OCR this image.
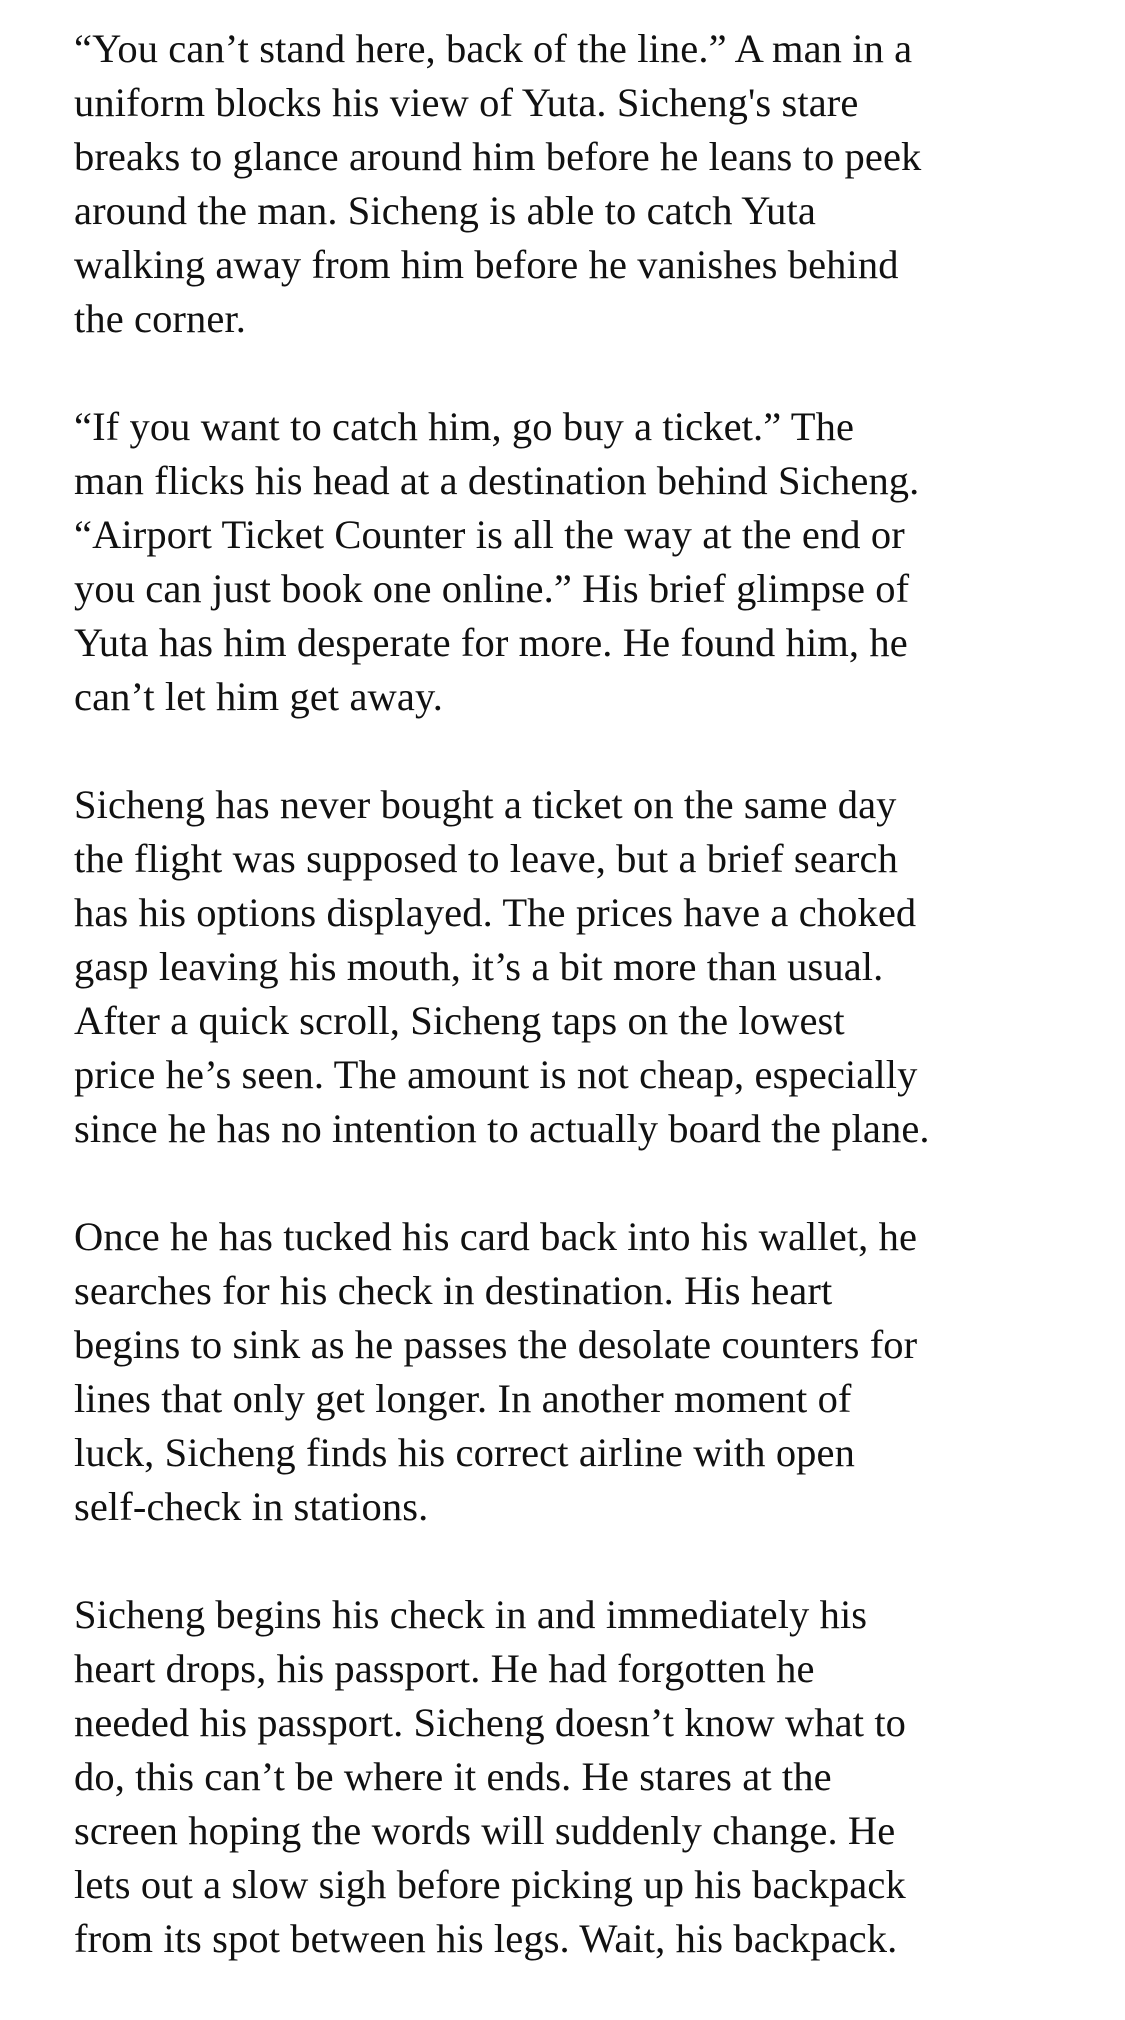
“You can’t stand here, back of the line.” A man in a
uniform blocks his view of Yuta. Sicheng's stare
breaks to glance around him before he leans to peek
around the man. Sicheng is able to catch Yuta
walking away from him before he vanishes behind
the corner.

“If you want to catch him, go buy a ticket.” The
man flicks his head at a destination behind Sicheng.
“Airport Ticket Counter is all the way at the end or
you can just book one online.” His brief glimpse of
Yuta has him desperate for more. He found him, he
can’t let him get away.

Sicheng has never bought a ticket on the same day
the flight was supposed to leave, but a brief search
has his options displayed. The prices have a choked
gasp leaving his mouth, it’s a bit more than usual.
After a quick scroll, Sicheng taps on the lowest
price he’s seen. The amount is not cheap, especially
since he has no intention to actually board the plane.

Once he has tucked his card back into his wallet, he
searches for his check in destination. His heart
begins to sink as he passes the desolate counters for
lines that only get longer. In another moment of
luck, Sicheng finds his correct airline with open
self-check in stations.

Sicheng begins his check in and immediately his
heart drops, his passport. He had forgotten he
needed his passport. Sicheng doesn’t know what to
do, this can’t be where it ends. He stares at the
screen hoping the words will suddenly change. He
lets out a slow sigh before picking up his backpack
from its spot between his legs. Wait, his backpack.
